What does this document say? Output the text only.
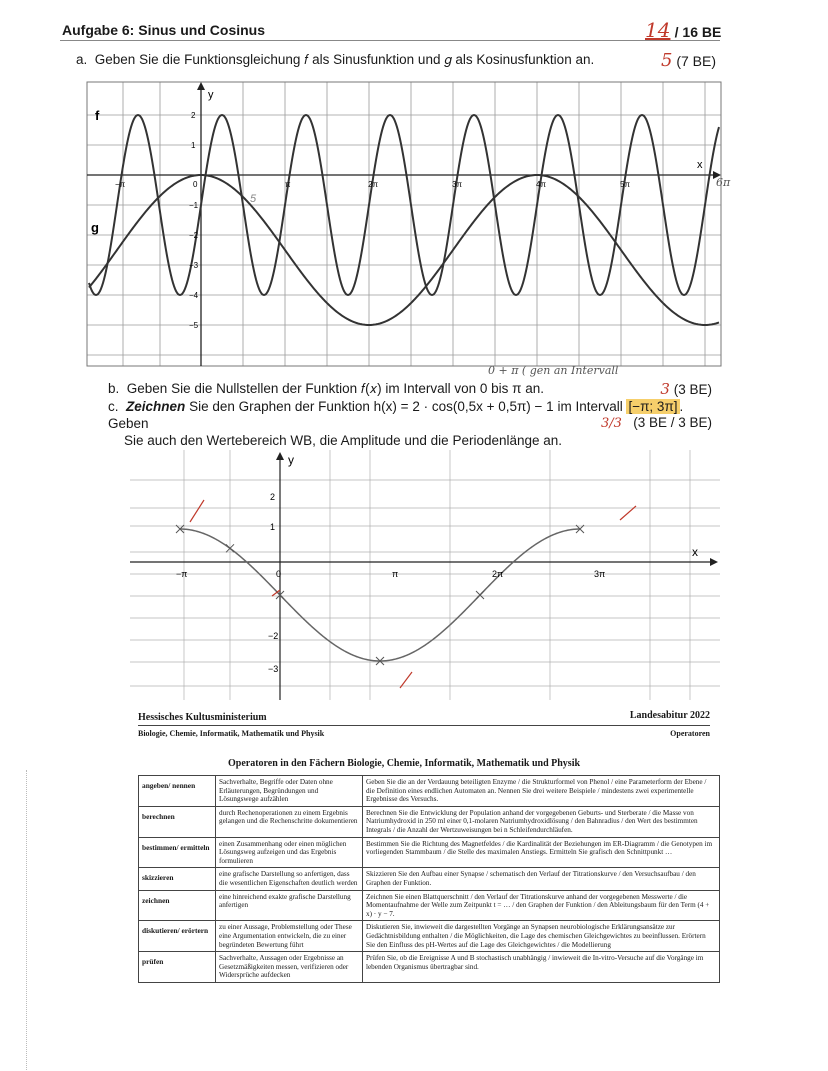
Aufgabe 6: Sinus und Cosinus	14 / 16 BE
a. Geben Sie die Funktionsgleichung 𝑓 als Sinusfunktion und 𝑔 als Kosinusfunktion an.	5 (7 BE)
y
x
−π	0	π	2π	3π	4π	5π
2
1
−1
−2
−3
−4
−5
f
g
5
6π
0 + π ( gen an Intervall
b. Geben Sie die Nullstellen der Funktion 𝑓(𝑥) im Intervall von 0 bis π an.	3 (3 BE)
c. Zeichnen Sie den Graphen der Funktion h(x) = 2 · cos(0,5x + 0,5π) − 1 im Intervall [−π; 3π] . Geben
Sie auch den Wertebereich WB, die Amplitude und die Periodenlänge an.
3/3 (3 BE / 3 BE)
y
x
−π	0	π	2π	3π
2
1
−2
−3
Hessisches Kultusministerium	Landesabitur 2022
Biologie, Chemie, Informatik, Mathematik und Physik	Operatoren
Operatoren in den Fächern Biologie, Chemie, Informatik, Mathematik und Physik
angeben/ nennen	Sachverhalte, Begriffe oder Daten ohne Erläuterungen, Begründungen und Lösungswege aufzählen	Geben Sie die an der Verdauung beteiligten Enzyme / die Strukturformel von Phenol / eine Parameterform der Ebene / die Definition eines endlichen Automaten an. Nennen Sie drei weitere Beispiele / mindestens zwei experimentelle Ergebnisse des Versuchs.
berechnen	durch Rechenoperationen zu einem Ergebnis gelangen und die Rechenschritte dokumentieren	Berechnen Sie die Entwicklung der Population anhand der vorgegebenen Geburts- und Sterberate / die Masse von Natriumhydroxid in 250 ml einer 0,1-molaren Natriumhydroxidlösung / den Bahnradius / den Wert des bestimmten Integrals / die Anzahl der Wertzuweisungen bei n Schleifendurchläufen.
bestimmen/ ermitteln	einen Zusammenhang oder einen möglichen Lösungsweg aufzeigen und das Ergebnis formulieren	Bestimmen Sie die Richtung des Magnetfeldes / die Kardinalität der Beziehungen im ER-Diagramm / die Genotypen im vorliegenden Stammbaum / die Stelle des maximalen Anstiegs. Ermitteln Sie grafisch den Schnittpunkt …
skizzieren	eine grafische Darstellung so anfertigen, dass die wesentlichen Eigenschaften deutlich werden	Skizzieren Sie den Aufbau einer Synapse / schematisch den Verlauf der Titrationskurve / den Versuchsaufbau / den Graphen der Funktion.
zeichnen	eine hinreichend exakte grafische Darstellung anfertigen	Zeichnen Sie einen Blattquerschnitt / den Verlauf der Titrationskurve anhand der vorgegebenen Messwerte / die Momentaufnahme der Welle zum Zeitpunkt t = … / den Graphen der Funktion / den Ableitungsbaum für den Term (4 + x) · y − 7.
diskutieren/ erörtern	zu einer Aussage, Problemstellung oder These eine Argumentation entwickeln, die zu einer begründeten Bewertung führt	Diskutieren Sie, inwieweit die dargestellten Vorgänge an Synapsen neurobiologische Erklärungsansätze zur Gedächtnisbildung enthalten / die Möglichkeiten, die Lage des chemischen Gleichgewichtes zu beeinflussen. Erörtern Sie den Einfluss des pH-Wertes auf die Lage des Gleichgewichtes / die Modellierung
prüfen	Sachverhalte, Aussagen oder Ergebnisse an Gesetzmäßigkeiten messen, verifizieren oder Widersprüche aufdecken	Prüfen Sie, ob die Ereignisse A und B stochastisch unabhängig / inwieweit die In-vitro-Versuche auf die Vorgänge im lebenden Organismus übertragbar sind.
